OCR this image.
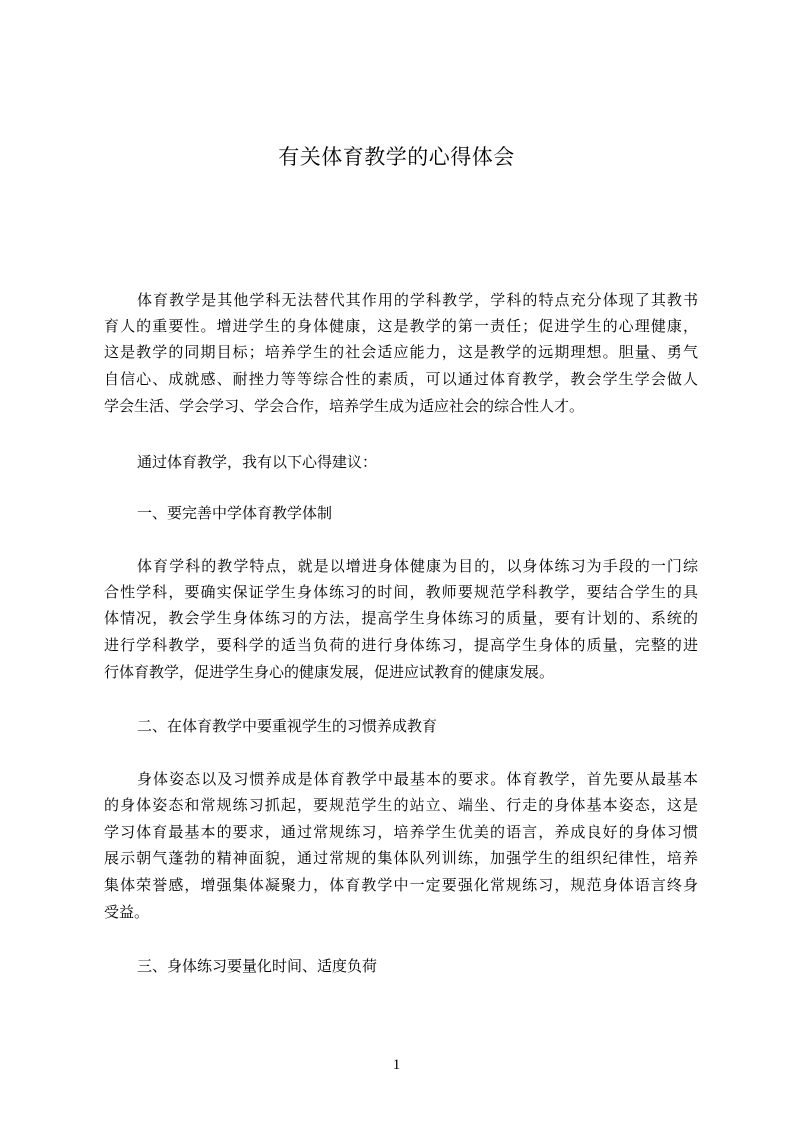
有关体育教学的心得体会
体育教学是其他学科无法替代其作用的学科教学，学科的特点充分体现了其教书
育人的重要性。增进学生的身体健康，这是教学的第一责任；促进学生的心理健康，
这是教学的同期目标；培养学生的社会适应能力，这是教学的远期理想。胆量、勇气
自信心、成就感、耐挫力等等综合性的素质，可以通过体育教学，教会学生学会做人
学会生活、学会学习、学会合作，培养学生成为适应社会的综合性人才。
通过体育教学，我有以下心得建议：
一、要完善中学体育教学体制
体育学科的教学特点，就是以增进身体健康为目的，以身体练习为手段的一门综
合性学科，要确实保证学生身体练习的时间，教师要规范学科教学，要结合学生的具
体情况，教会学生身体练习的方法，提高学生身体练习的质量，要有计划的、系统的
进行学科教学，要科学的适当负荷的进行身体练习，提高学生身体的质量，完整的进
行体育教学，促进学生身心的健康发展，促进应试教育的健康发展。
二、在体育教学中要重视学生的习惯养成教育
身体姿态以及习惯养成是体育教学中最基本的要求。体育教学，首先要从最基本
的身体姿态和常规练习抓起，要规范学生的站立、端坐、行走的身体基本姿态，这是
学习体育最基本的要求，通过常规练习，培养学生优美的语言，养成良好的身体习惯
展示朝气蓬勃的精神面貌，通过常规的集体队列训练，加强学生的组织纪律性，培养
集体荣誉感，增强集体凝聚力，体育教学中一定要强化常规练习，规范身体语言终身
受益。
三、身体练习要量化时间、适度负荷
1
